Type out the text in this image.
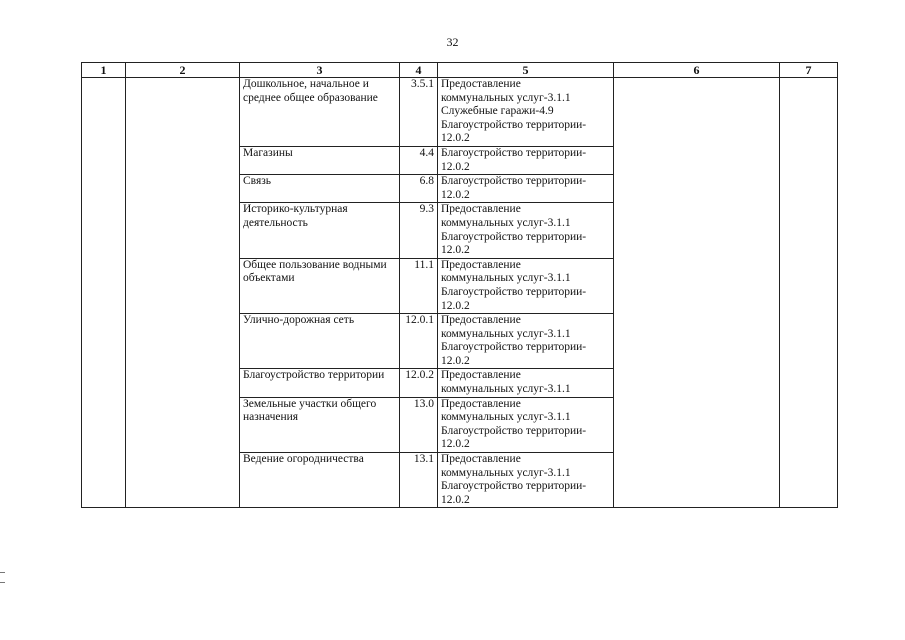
32
1	2	3	4	5	6	7
		Дошкольное, начальное и среднее общее образование	3.5.1	Предоставление
коммунальных услуг-3.1.1
Служебные гаражи-4.9
Благоустройство территории-
12.0.2		
		Магазины	4.4	Благоустройство территории-
12.0.2		
		Связь	6.8	Благоустройство территории-
12.0.2		
		Историко-культурная деятельность	9.3	Предоставление
коммунальных услуг-3.1.1
Благоустройство территории-
12.0.2		
		Общее пользование водными объектами	11.1	Предоставление
коммунальных услуг-3.1.1
Благоустройство территории-
12.0.2		
		Улично-дорожная сеть	12.0.1	Предоставление
коммунальных услуг-3.1.1
Благоустройство территории-
12.0.2		
		Благоустройство территории	12.0.2	Предоставление
коммунальных услуг-3.1.1		
		Земельные участки общего назначения	13.0	Предоставление
коммунальных услуг-3.1.1
Благоустройство территории-
12.0.2		
		Ведение огородничества	13.1	Предоставление
коммунальных услуг-3.1.1
Благоустройство территории-
12.0.2		
